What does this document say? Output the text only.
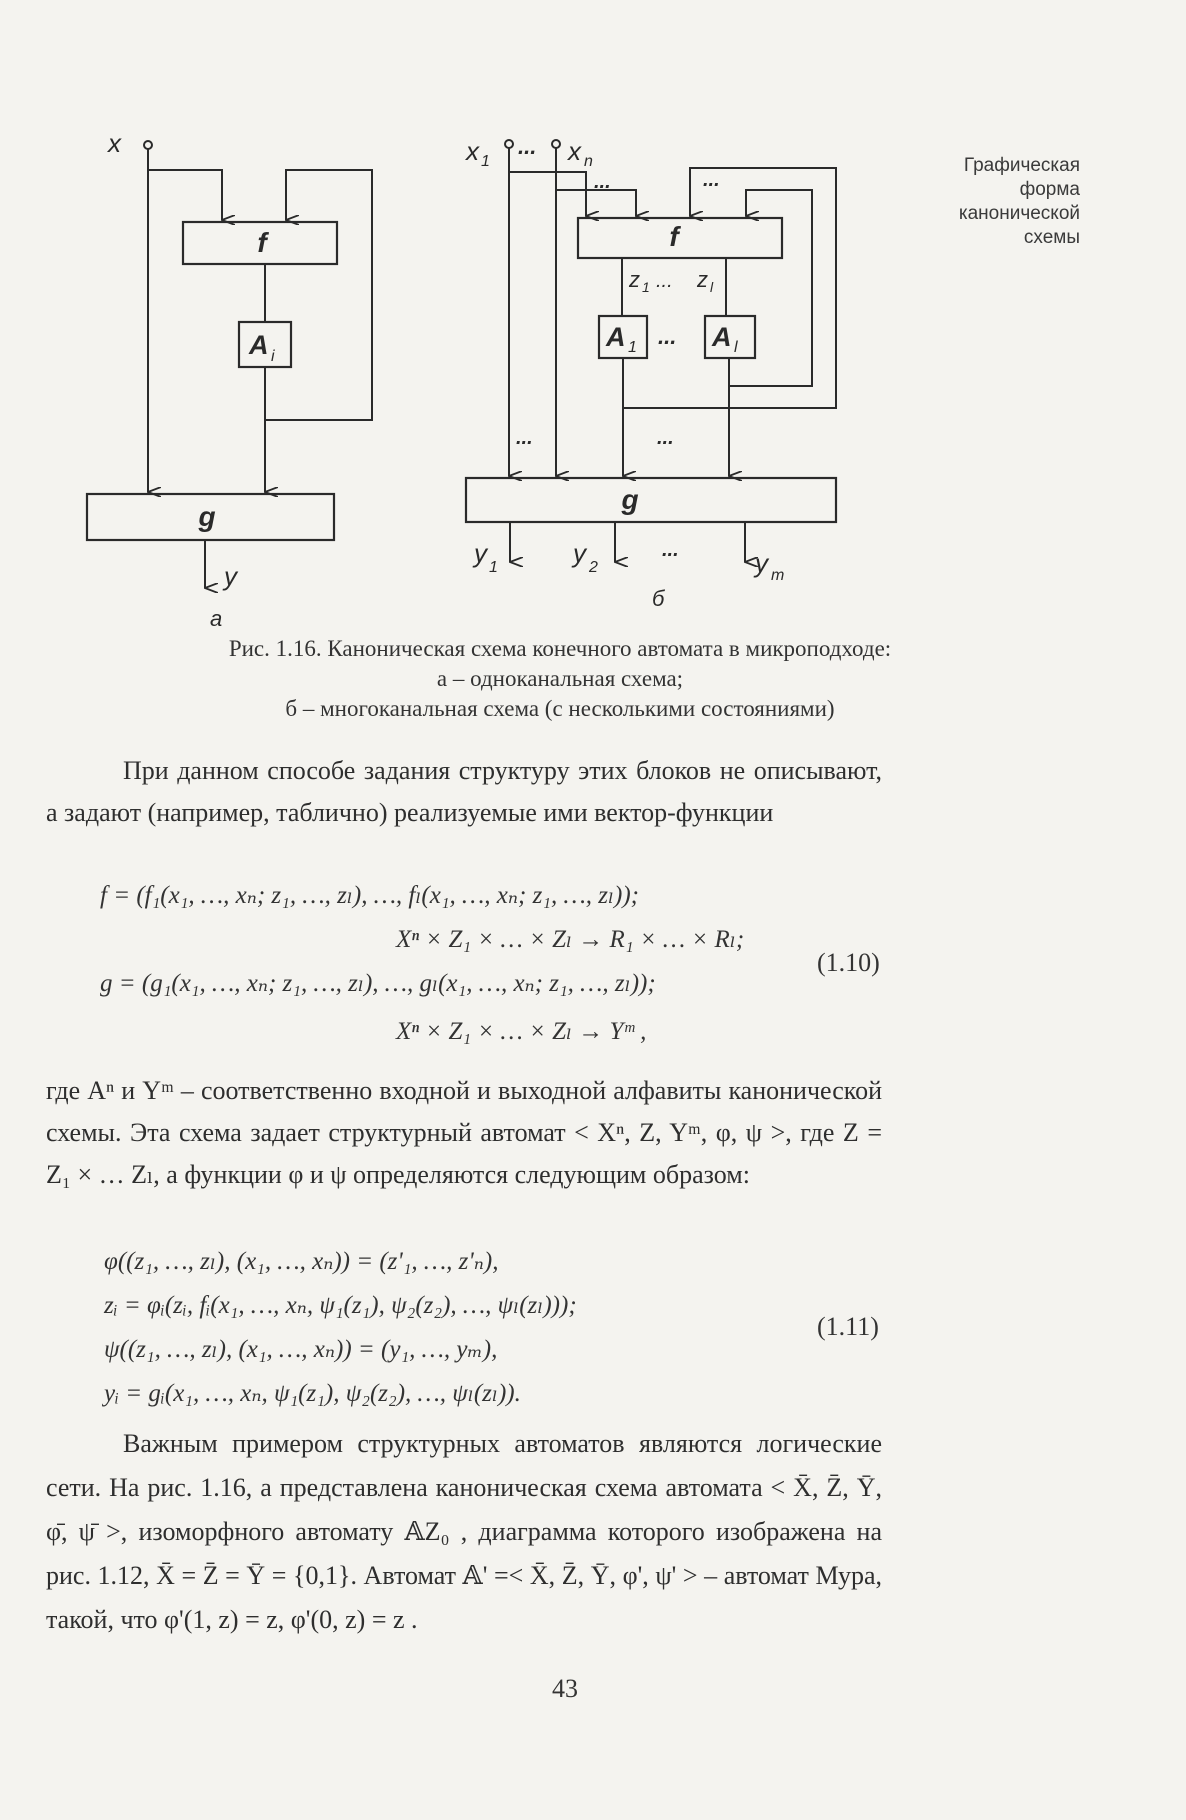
x
f
A i
g
y
a
x 1
... x n
...	...
f
z 1 ... z l
A 1 ... A l
...	...
g
y 1	y 2
...	y m
б
Графическая форма канонической схемы
Рис. 1.16. Каноническая схема конечного автомата в микроподходе:
а – одноканальная схема;
б – многоканальная схема (с несколькими состояниями)
При данном способе задания структуру этих блоков не описывают, а задают (например, таблично) реализуемые ими вектор-функции
f = (f₁(x₁, …, xₙ; z₁, …, zₗ), …, fₗ(x₁, …, xₙ; z₁, …, zₗ));
Xⁿ × Z₁ × … × Zₗ → R₁ × … × Rₗ;
g = (g₁(x₁, …, xₙ; z₁, …, zₗ), …, gₗ(x₁, …, xₙ; z₁, …, zₗ));
Xⁿ × Z₁ × … × Zₗ → Yᵐ ,
(1.10)
где Aⁿ и Yᵐ – соответственно входной и выходной алфавиты канонической схемы. Эта схема задает структурный автомат < Xⁿ, Z, Yᵐ, φ, ψ >, где Z = Z₁ × … Zₗ, а функции φ и ψ определяются следующим образом:
φ((z₁, …, zₗ), (x₁, …, xₙ)) = (z'₁, …, z'ₙ),
zᵢ = φᵢ(zᵢ, fᵢ(x₁, …, xₙ, ψ₁(z₁), ψ₂(z₂), …, ψₗ(zₗ)));
ψ((z₁, …, zₗ), (x₁, …, xₙ)) = (y₁, …, yₘ),
yᵢ = gᵢ(x₁, …, xₙ, ψ₁(z₁), ψ₂(z₂), …, ψₗ(zₗ)).
(1.11)
Важным примером структурных автоматов являются логические сети. На рис. 1.16, а представлена каноническая схема автомата < X̄, Z̄, Ȳ, φ̄, ψ̄ >, изоморфного автомату 𝔸Z₀ , диаграмма которого изображена на рис. 1.12, X̄ = Z̄ = Ȳ = {0,1}. Автомат 𝔸' =< X̄, Z̄, Ȳ, φ', ψ' > – автомат Мура, такой, что φ'(1, z) = z, φ'(0, z) = z .
43
